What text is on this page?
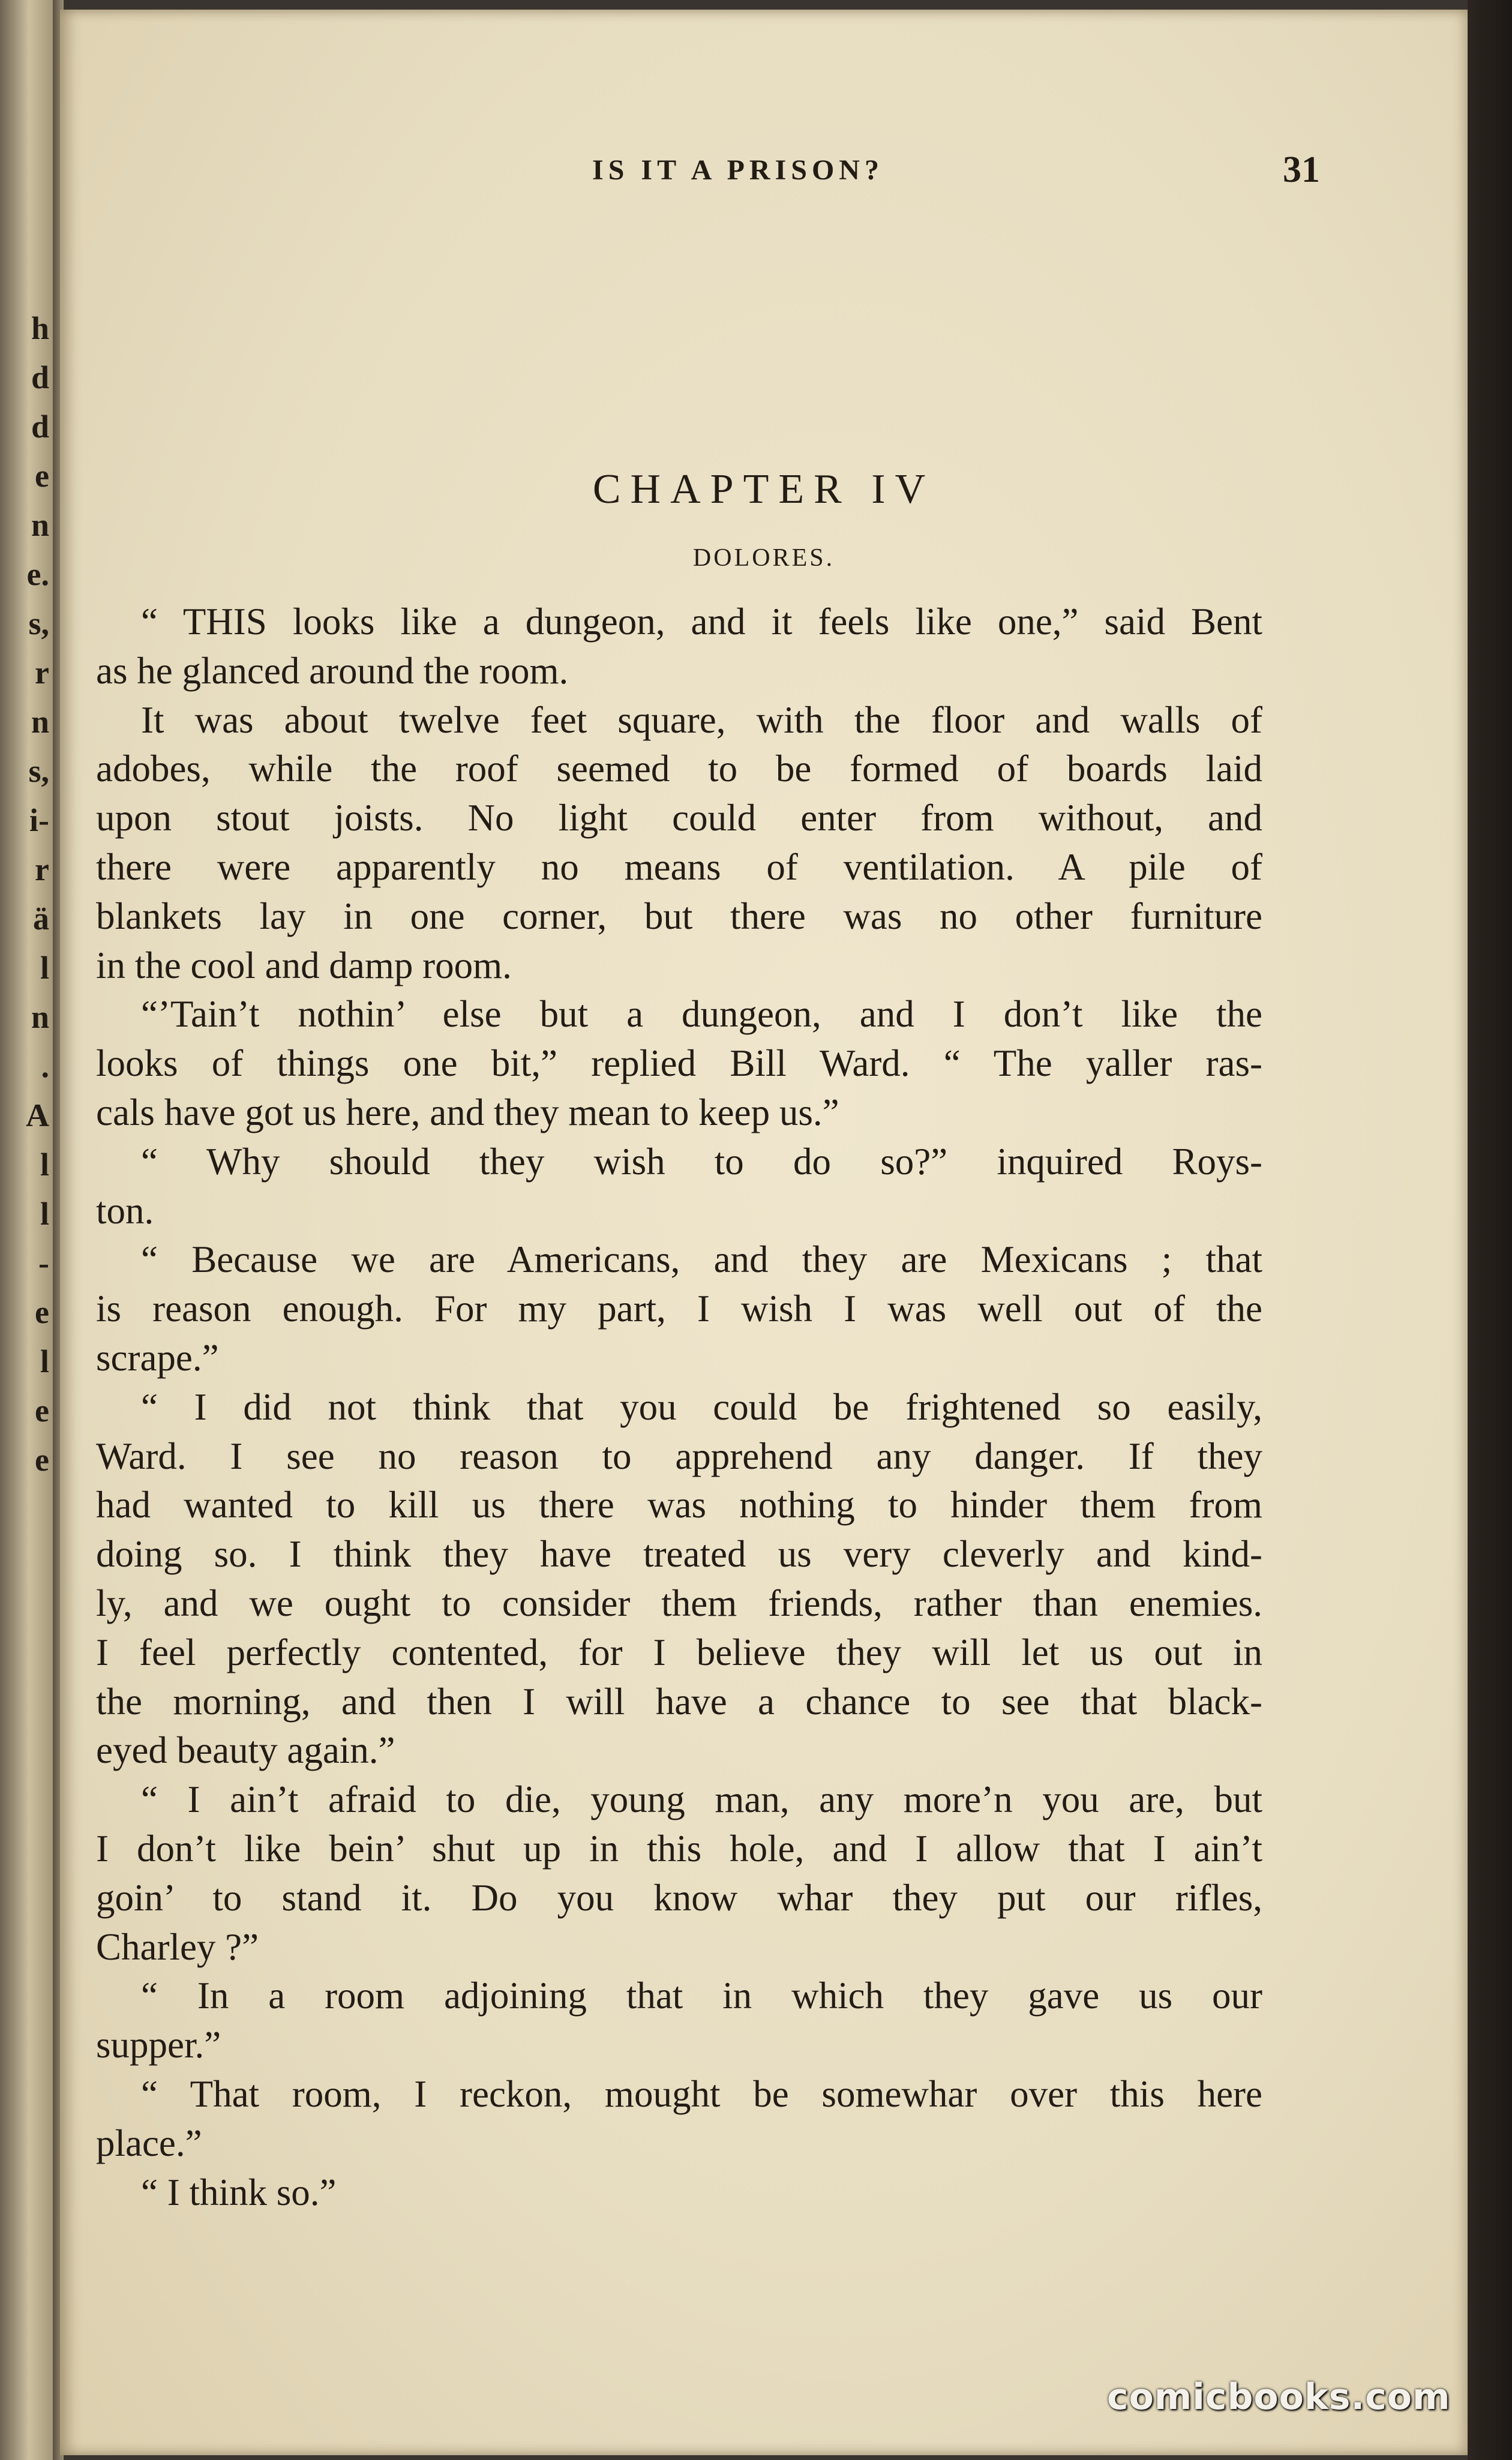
h
d
d
e
n
e.
s,
r
n
s,
i-
r
ä
l
n
.
A
l
l
-
e
l
e
e
IS IT A PRISON?	31
CHAPTER IV
DOLORES.
“ THIS looks like a dungeon, and it feels like one,” said Bent
as he glanced around the room.
It was about twelve feet square, with the floor and walls of
adobes, while the roof seemed to be formed of boards laid
upon stout joists. No light could enter from without, and
there were apparently no means of ventilation. A pile of
blankets lay in one corner, but there was no other furniture
in the cool and damp room.
“’Tain’t nothin’ else but a dungeon, and I don’t like the
looks of things one bit,” replied Bill Ward. “ The yaller ras-
cals have got us here, and they mean to keep us.”
“ Why should they wish to do so?” inquired Roys-
ton.
“ Because we are Americans, and they are Mexicans ; that
is reason enough. For my part, I wish I was well out of the
scrape.”
“ I did not think that you could be frightened so easily,
Ward. I see no reason to apprehend any danger. If they
had wanted to kill us there was nothing to hinder them from
doing so. I think they have treated us very cleverly and kind-
ly, and we ought to consider them friends, rather than enemies.
I feel perfectly contented, for I believe they will let us out in
the morning, and then I will have a chance to see that black-
eyed beauty again.”
“ I ain’t afraid to die, young man, any more’n you are, but
I don’t like bein’ shut up in this hole, and I allow that I ain’t
goin’ to stand it. Do you know whar they put our rifles,
Charley ?”
“ In a room adjoining that in which they gave us our
supper.”
“ That room, I reckon, mought be somewhar over this here
place.”
“ I think so.”
comicbooks.com
